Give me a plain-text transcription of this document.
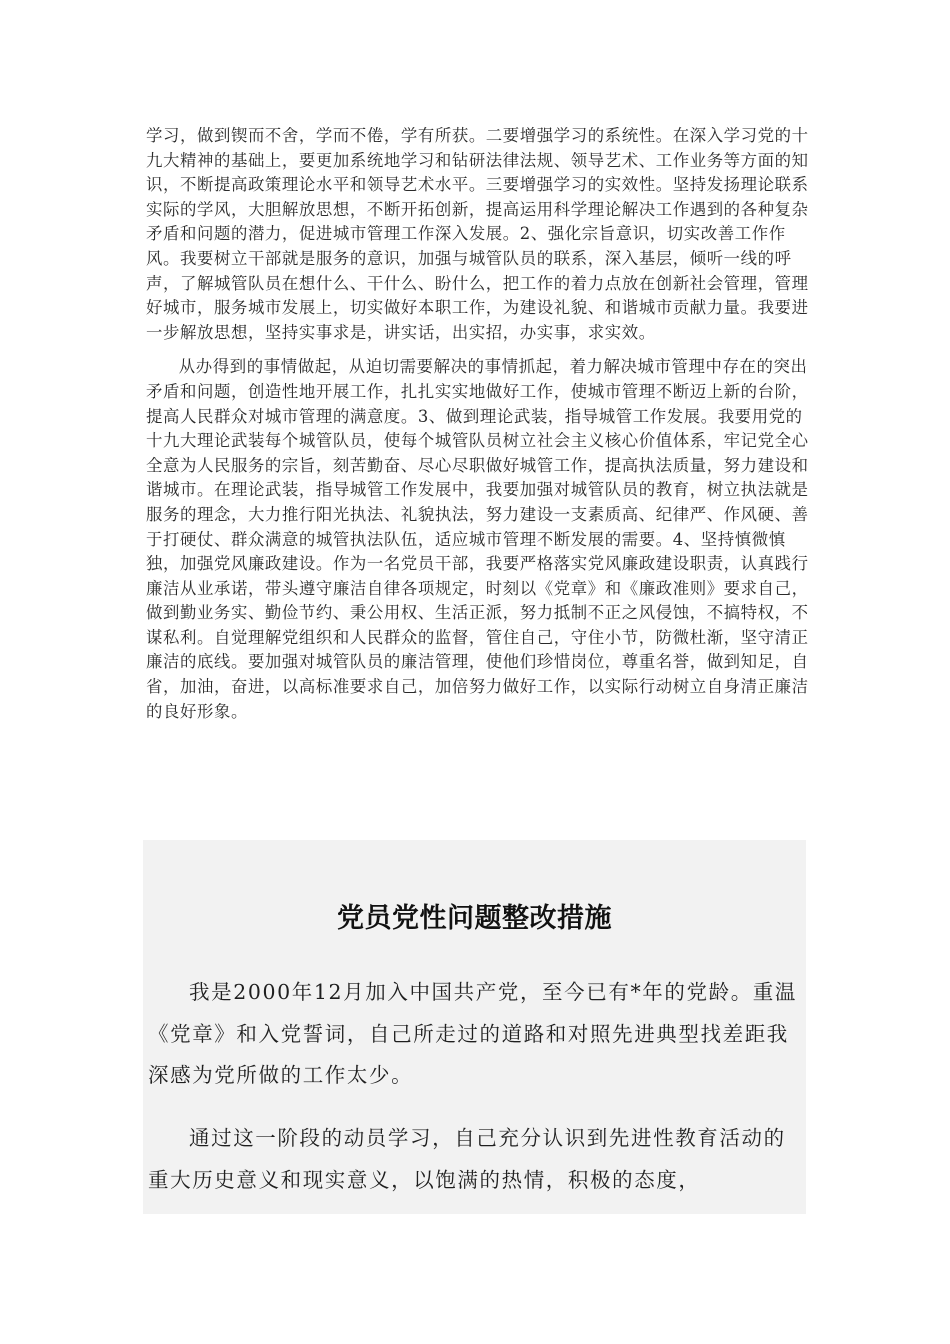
学习，做到锲而不舍，学而不倦，学有所获。二要增强学习的系统性。在深入学习党的十九大精神的基础上，要更加系统地学习和钻研法律法规、领导艺术、工作业务等方面的知识，不断提高政策理论水平和领导艺术水平。三要增强学习的实效性。坚持发扬理论联系实际的学风，大胆解放思想，不断开拓创新，提高运用科学理论解决工作遇到的各种复杂矛盾和问题的潜力，促进城市管理工作深入发展。2、强化宗旨意识，切实改善工作作风。我要树立干部就是服务的意识，加强与城管队员的联系，深入基层，倾听一线的呼声，了解城管队员在想什么、干什么、盼什么，把工作的着力点放在创新社会管理，管理好城市，服务城市发展上，切实做好本职工作，为建设礼貌、和谐城市贡献力量。我要进一步解放思想，坚持实事求是，讲实话，出实招，办实事，求实效。

从办得到的事情做起，从迫切需要解决的事情抓起，着力解决城市管理中存在的突出矛盾和问题，创造性地开展工作，扎扎实实地做好工作，使城市管理不断迈上新的台阶，提高人民群众对城市管理的满意度。3、做到理论武装，指导城管工作发展。我要用党的十九大理论武装每个城管队员，使每个城管队员树立社会主义核心价值体系，牢记党全心全意为人民服务的宗旨，刻苦勤奋、尽心尽职做好城管工作，提高执法质量，努力建设和谐城市。在理论武装，指导城管工作发展中，我要加强对城管队员的教育，树立执法就是服务的理念，大力推行阳光执法、礼貌执法，努力建设一支素质高、纪律严、作风硬、善于打硬仗、群众满意的城管执法队伍，适应城市管理不断发展的需要。4、坚持慎微慎独，加强党风廉政建设。作为一名党员干部，我要严格落实党风廉政建设职责，认真践行廉洁从业承诺，带头遵守廉洁自律各项规定，时刻以《党章》和《廉政准则》要求自己，做到勤业务实、勤俭节约、秉公用权、生活正派，努力抵制不正之风侵蚀，不搞特权，不谋私利。自觉理解党组织和人民群众的监督，管住自己，守住小节，防微杜渐，坚守清正廉洁的底线。要加强对城管队员的廉洁管理，使他们珍惜岗位，尊重名誉，做到知足，自省，加油，奋进，以高标准要求自己，加倍努力做好工作，以实际行动树立自身清正廉洁的良好形象。

党员党性问题整改措施

我是2000年12月加入中国共产党，至今已有*年的党龄。重温《党章》和入党誓词，自己所走过的道路和对照先进典型找差距我深感为党所做的工作太少。

通过这一阶段的动员学习，自己充分认识到先进性教育活动的重大历史意义和现实意义，以饱满的热情，积极的态度，
